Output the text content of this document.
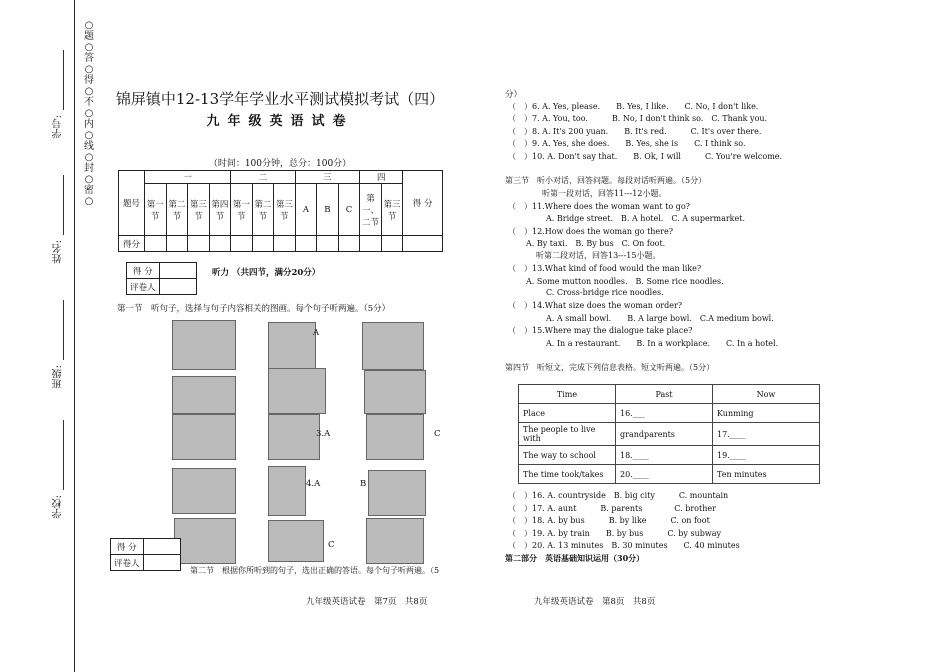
○ 题 ○ 答 ○ 得 ○ 不 ○ 内 ○ 线 ○ 封 ○ 密 ○
学号:
姓名:
班级:
学校:
锦屏镇中12-13学年学业水平测试模拟考试（四）
九年级英语试卷
（时间：100分钟，总分：100分）
题号	一				二			三			四		得 分
	第一节	第二节	第三节	第四节	第一节	第二节	第三节	A	B	C	第一、二节	第三节	
得分													
得 分	
评卷人	
听力 （共四节，满分20分）
第一节　听句子，选择与句子内容相关的图画。每个句子听两遍。（5分）
A
3.A	C
4.A	B
C
得 分	
评卷人	
第二节　根据你所听到的句子，选出正确的答语。每个句子听两遍。（5
分）
（　）6. A. Yes, please.　　B. Yes, I like.　　C. No, I don't like.
（　）7. A. You, too.　　　B. No, I don't think so.　C. Thank you.
（　）8. A. It's 200 yuan.　　B. It's red.　　　C. It's over there.
（　）9. A. Yes, she does.　　B. Yes, she is　　C. I think so.
（　）10. A. Don't say that.　　B. Ok, I will　　　C. You're welcome.
第三节　听小对话，回答问题。每段对话听两遍。（5分）
听第一段对话，回答11---12小题。
（　）11.Where does the woman want to go?
A. Bridge street.　B. A hotel.　C. A supermarket.
（　）12.How does the woman go there?
A. By taxi.　B. By bus　C. On foot.
听第二段对话，回答13---15小题。
（　）13.What kind of food would the man like?
A. Some mutton noodles.　B. Some rice noodles.
C. Cross-bridge rice noodles.
（　）14.What size does the woman order?
A. A small bowl.　　B. A large bowl.　C.A medium bowl.
（　）15.Where may the dialogue take place?
A. In a restaurant.　　B. In a workplace.　　C. In a hotel.
第四节　听短文，完成下列信息表格。短文听两遍。（5分）
Time	Past	Now
Place	16.___	Kunming
The people to live with	grandparents	17.____
The way to school	18.____	19.____
The time took/takes	20.____	Ten minutes
（　）16. A. countryside　B. big city　　　C. mountain
（　）17. A. aunt　　　B. parents　　　　C. brother
（　）18. A. by bus　　　B. by like　　　C. on foot
（　）19. A. by train　　B. by bus　　　C. by subway
（　）20. A. 13 minutes　B. 30 minutes　　C. 40 minutes
第二部分　英语基础知识运用（30分）
九年级英语试卷　第7页　共8页	九年级英语试卷　第8页　共8页
